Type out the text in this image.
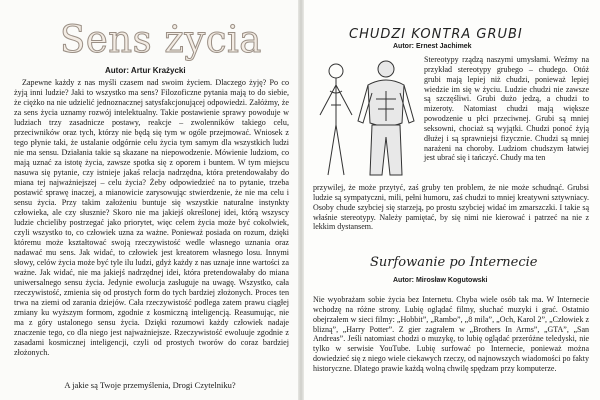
Sens życia
Autor: Artur Krażycki

Zapewne każdy z nas myśli czasem nad swoim życiem. Dlaczego żyję? Po co żyją inni ludzie? Jaki to wszystko ma sens? Filozoficzne pytania mają to do siebie, że ciężko na nie udzielić jednoznacznej satysfakcjonującej odpowiedzi. Załóżmy, że za sens życia uznamy rozwój intelektualny. Takie postawienie sprawy powoduje w ludziach trzy zasadnicze postawy, reakcje – zwolenników takiego celu, przeciwników oraz tych, którzy nie będą się tym w ogóle przejmować. Wniosek z tego płynie taki, że ustalanie odgórnie celu życia tym samym dla wszystkich ludzi nie ma sensu. Działania takie są skazane na niepowodzenie. Mówienie ludziom, co mają uznać za istotę życia, zawsze spotka się z oporem i buntem. W tym miejscu nasuwa się pytanie, czy istnieje jakaś relacja nadrzędna, która pretendowałaby do miana tej najważniejszej – celu życia? Żeby odpowiedzieć na to pytanie, trzeba postawić sprawę inaczej, a mianowicie zarysowując stwierdzenie, że nie ma celu i sensu życia. Przy takim założeniu buntuje się wszystkie naturalne instynkty człowieka, ale czy słusznie? Skoro nie ma jakiejś określonej idei, którą wszyscy ludzie chcieliby postrzegać jako priorytet, więc celem życia może być cokolwiek, czyli wszystko to, co człowiek uzna za ważne. Ponieważ posiada on rozum, dzięki któremu może kształtować swoją rzeczywistość wedle własnego uznania oraz nadawać mu sens. Jak widać, to człowiek jest kreatorem własnego losu. Innymi słowy, celów życia może być tyle ilu ludzi, gdyż każdy z nas uznaje inne wartości za ważne. Jak widać, nie ma jakiejś nadrzędnej idei, która pretendowałaby do miana uniwersalnego sensu życia. Jedynie ewolucja zasługuje na uwagę. Wszystko, cała rzeczywistość, zmienia się od prostych form do tych bardziej złożonych. Proces ten trwa na ziemi od zarania dziejów. Cała rzeczywistość podlega zatem prawu ciągłej zmiany ku wyższym formom, zgodnie z kosmiczną inteligencją. Reasumując, nie ma z góry ustalonego sensu życia. Dzięki rozumowi każdy człowiek nadaje znaczenie tego, co dla niego jest najważniejsze. Rzeczywistość ewoluuje zgodnie z zasadami kosmicznej inteligencji, czyli od prostych tworów do coraz bardziej złożonych.

A jakie są Twoje przemyślenia, Drogi Czytelniku?
CHUDZI KONTRA GRUBI
Autor: Ernest Jachimek

Stereotypy rządzą naszymi umysłami. Weźmy na przykład stereotypy grubego – chudego. Otóż grubi mają lepiej niż chudzi, ponieważ lepiej wiedzie im się w życiu. Ludzie chudzi nie zawsze są szczęśliwi. Grubi dużo jedzą, a chudzi to mizeroty. Natomiast chudzi mają większe powodzenie u płci przeciwnej. Grubi są mniej seksowni, chociaż są wyjątki. Chudzi ponoć żyją dłużej i są sprawniejsi fizycznie. Chudzi są mniej narażeni na choroby. Ludziom chudszym łatwiej jest ubrać się i tańczyć. Chudy ma ten

przywilej, że może przytyć, zaś gruby ten problem, że nie może schudnąć. Grubsi ludzie są sympatyczni, mili, pełni humoru, zaś chudzi to mniej kreatywni sztywniacy. Osoby chude szybciej się starzeją, po prostu szybciej widać im zmarszczki. I takie są właśnie stereotypy. Należy pamiętać, by się nimi nie kierować i patrzeć na nie z lekkim dystansem.

Surfowanie po Internecie
Autor: Mirosław Kogutowski

Nie wyobrażam sobie życia bez Internetu. Chyba wiele osób tak ma. W Internecie wchodzę na różne strony. Lubię oglądać filmy, słuchać muzyki i grać. Ostatnio obejrzałem w sieci filmy: „Hobbit”, „Rambo”, „8 mila”, „Och, Karol 2”, „Człowiek z blizną”, „Harry Potter”. Z gier zagrałem w „Brothers In Arms”, „GTA”, „San Andreas”. Jeśli natomiast chodzi o muzykę, to lubię oglądać przeróżne teledyski, nie tylko w serwisie YouTube. Lubię surfować po Internecie, ponieważ można dowiedzieć się z niego wiele ciekawych rzeczy, od najnowszych wiadomości po fakty historyczne. Dlatego prawie każdą wolną chwilę spędzam przy komputerze.
